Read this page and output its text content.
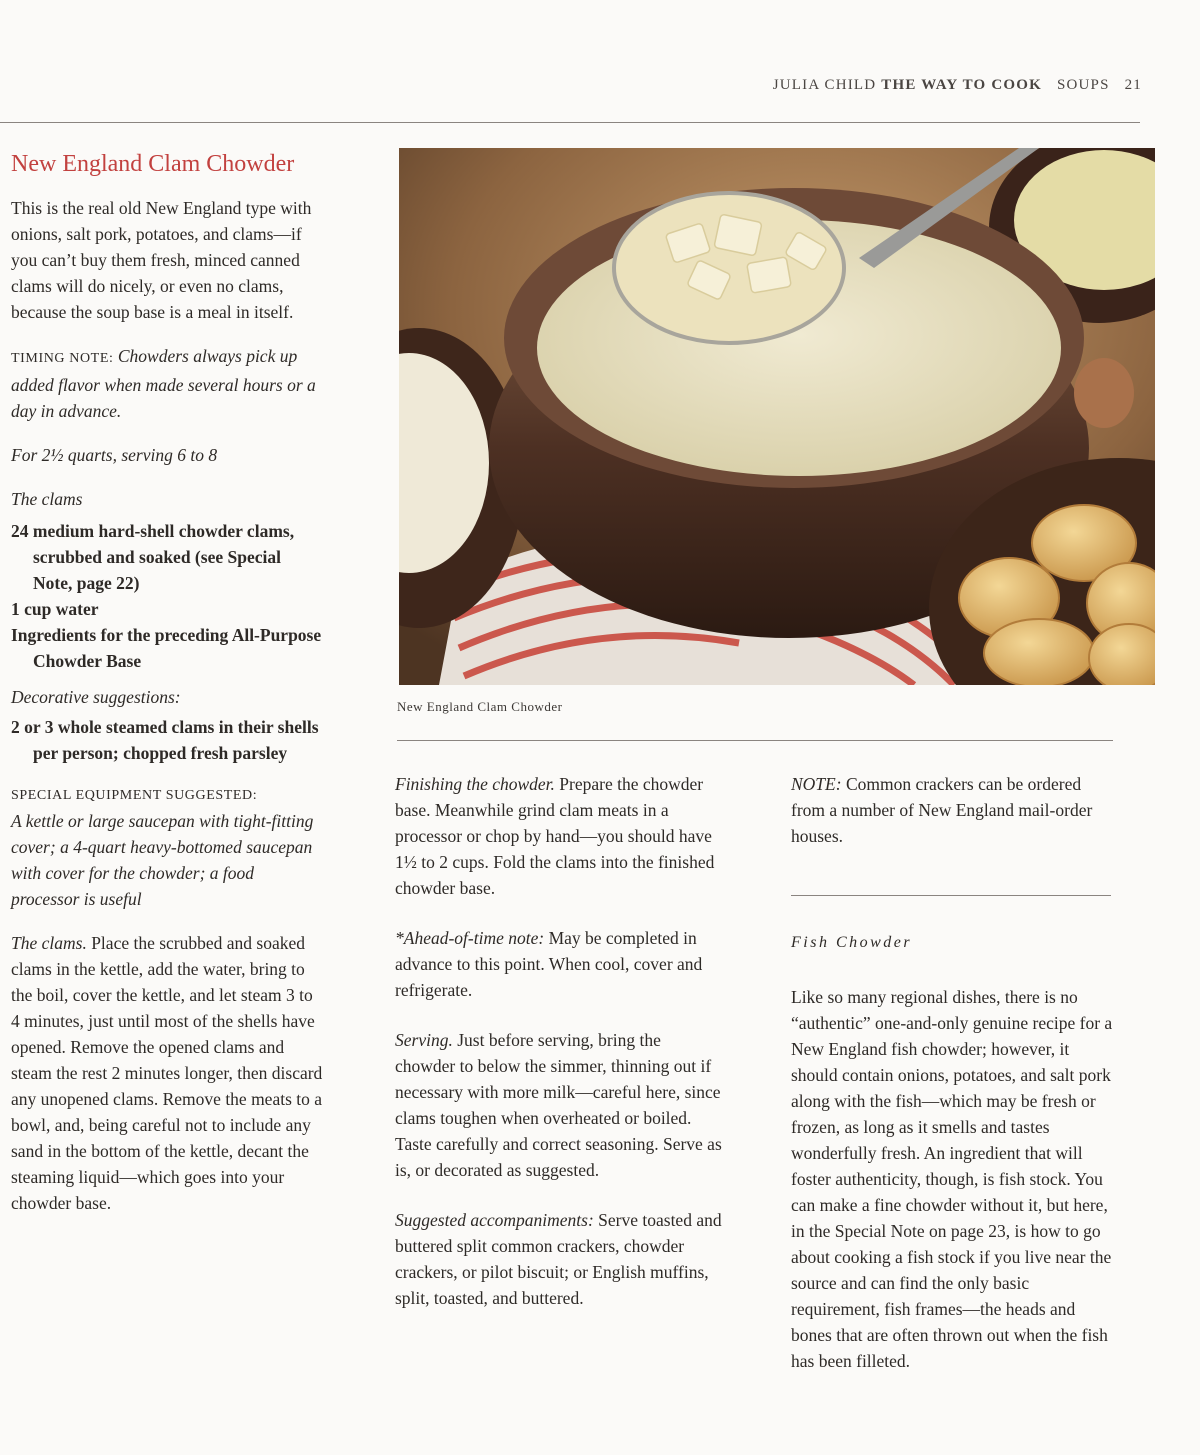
JULIA CHILD THE WAY TO COOK SOUPS 21
New England Clam Chowder

This is the real old New England type with onions, salt pork, potatoes, and clams—if you can’t buy them fresh, minced canned clams will do nicely, or even no clams, because the soup base is a meal in itself.

TIMING NOTE: Chowders always pick up added flavor when made several hours or a day in advance.

For 2½ quarts, serving 6 to 8

The clams

24 medium hard-shell chowder clams, scrubbed and soaked (see Special Note, page 22)

1 cup water

Ingredients for the preceding All-Purpose Chowder Base

Decorative suggestions:

2 or 3 whole steamed clams in their shells per person; chopped fresh parsley

SPECIAL EQUIPMENT SUGGESTED:

A kettle or large saucepan with tight-fitting cover; a 4-quart heavy-bottomed saucepan with cover for the chowder; a food processor is useful

The clams. Place the scrubbed and soaked clams in the kettle, add the water, bring to the boil, cover the kettle, and let steam 3 to 4 minutes, just until most of the shells have opened. Remove the opened clams and steam the rest 2 minutes longer, then discard any unopened clams. Remove the meats to a bowl, and, being careful not to include any sand in the bottom of the kettle, decant the steaming liquid—which goes into your chowder base.

New England Clam Chowder

Finishing the chowder. Prepare the chowder base. Meanwhile grind clam meats in a processor or chop by hand—you should have 1½ to 2 cups. Fold the clams into the finished chowder base.

*Ahead-of-time note: May be completed in advance to this point. When cool, cover and refrigerate.

Serving. Just before serving, bring the chowder to below the simmer, thinning out if necessary with more milk—careful here, since clams toughen when overheated or boiled. Taste carefully and correct seasoning. Serve as is, or decorated as suggested.

Suggested accompaniments: Serve toasted and buttered split common crackers, chowder crackers, or pilot biscuit; or English muffins, split, toasted, and buttered.

NOTE: Common crackers can be ordered from a number of New England mail-order houses.

Fish Chowder

Like so many regional dishes, there is no “authentic” one-and-only genuine recipe for a New England fish chowder; however, it should contain onions, potatoes, and salt pork along with the fish—which may be fresh or frozen, as long as it smells and tastes wonderfully fresh. An ingredient that will foster authenticity, though, is fish stock. You can make a fine chowder without it, but here, in the Special Note on page 23, is how to go about cooking a fish stock if you live near the source and can find the only basic requirement, fish frames—the heads and bones that are often thrown out when the fish has been filleted.
